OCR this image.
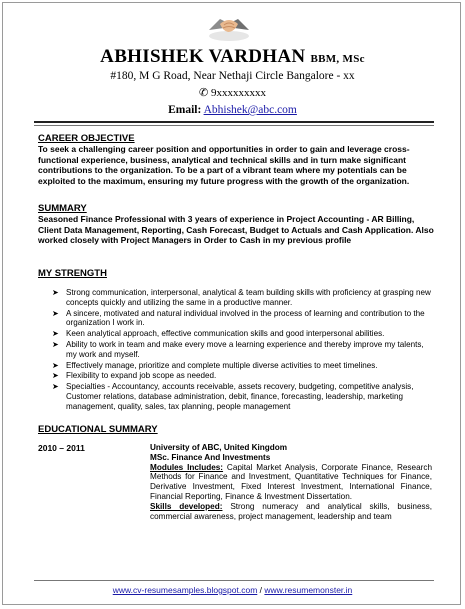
ABHISHEK VARDHAN BBM, MSc
#180, M G Road, Near Nethaji Circle Bangalore - xx
✆ 9xxxxxxxxx
Email: Abhishek@abc.com
CAREER OBJECTIVE
To seek a challenging career position and opportunities in order to gain and leverage cross-functional experience, business, analytical and technical skills and in turn make significant contributions to the organization. To be a part of a vibrant team where my potentials can be exploited to the maximum, ensuring my future progress with the growth of the organization.
SUMMARY
Seasoned Finance Professional with 3 years of experience in Project Accounting - AR Billing, Client Data Management, Reporting, Cash Forecast, Budget to Actuals and Cash Application. Also worked closely with Project Managers in Order to Cash in my previous profile
MY STRENGTH
➤ Strong communication, interpersonal, analytical & team building skills with proficiency at grasping new concepts quickly and utilizing the same in a productive manner.
➤ A sincere, motivated and natural individual involved in the process of learning and contribution to the organization I work in.
➤ Keen analytical approach, effective communication skills and good interpersonal abilities.
➤ Ability to work in team and make every move a learning experience and thereby improve my talents, my work and myself.
➤ Effectively manage, prioritize and complete multiple diverse activities to meet timelines.
➤ Flexibility to expand job scope as needed.
➤ Specialties - Accountancy, accounts receivable, assets recovery, budgeting, competitive analysis, Customer relations, database administration, debit, finance, forecasting, leadership, marketing management, quality, sales, tax planning, people management
EDUCATIONAL SUMMARY
2010 – 2011	University of ABC, United Kingdom

MSc. Finance And Investments

Modules Includes: Capital Market Analysis, Corporate Finance, Research Methods for Finance and Investment, Quantitative Techniques for Finance, Derivative Investment, Fixed Interest Investment, International Finance, Financial Reporting, Finance & Investment Dissertation.

Skills developed: Strong numeracy and analytical skills, business, commercial awareness, project management, leadership and team

www.cv-resumesamples.blogspot.com / www.resumemonster.in
